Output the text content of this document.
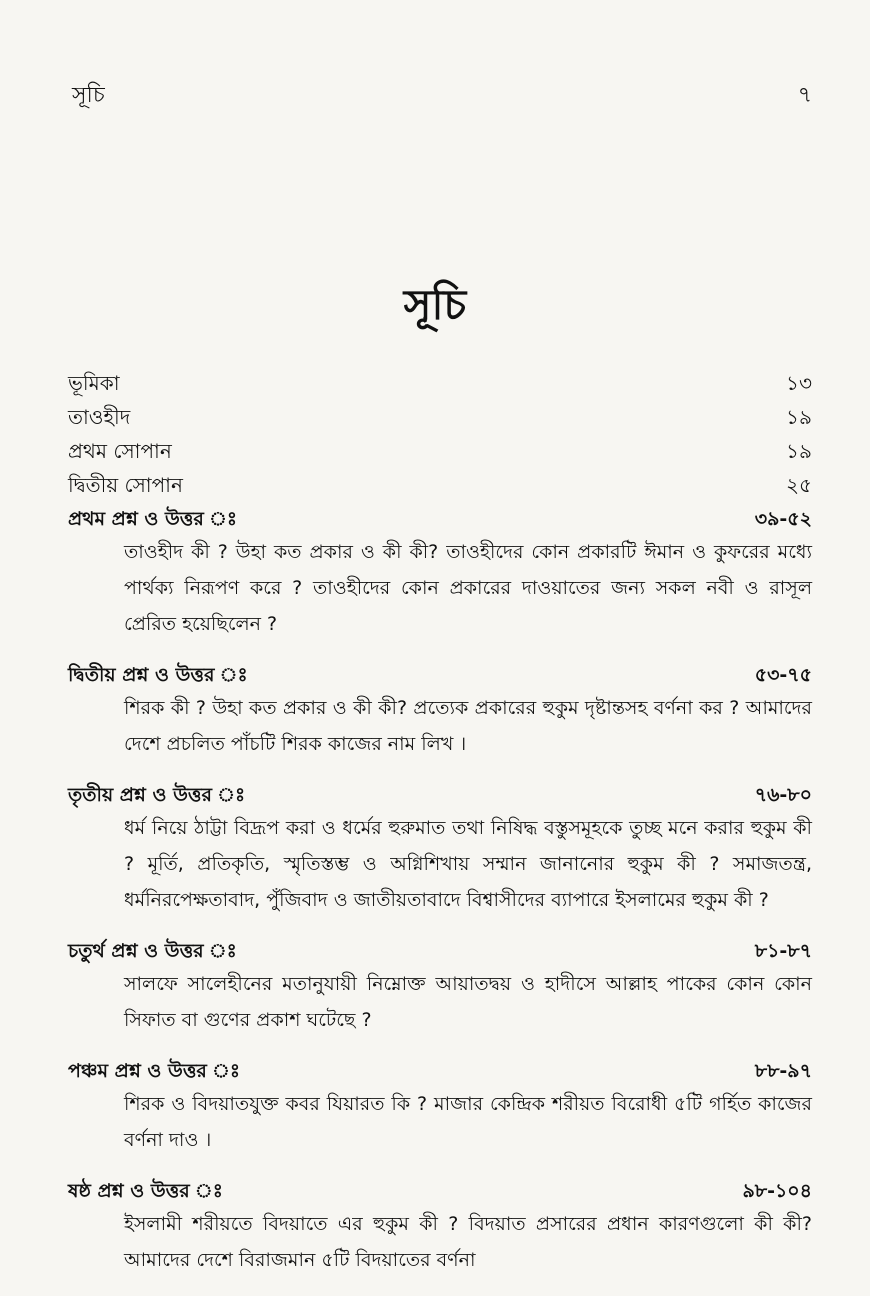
সূচি	৭
সূচি
ভূমিকা	১৩
তাওহীদ	১৯
প্রথম সোপান	১৯
দ্বিতীয় সোপান	২৫
প্রথম প্রশ্ন ও উত্তর ঃ	৩৯-৫২
তাওহীদ কী ? উহা কত প্রকার ও কী কী? তাওহীদের কোন প্রকারটি ঈমান ও কুফরের মধ্যে পার্থক্য নিরূপণ করে ? তাওহীদের কোন প্রকারের দাওয়াতের জন্য সকল নবী ও রাসূল প্রেরিত হয়েছিলেন ?
দ্বিতীয় প্রশ্ন ও উত্তর ঃ	৫৩-৭৫
শিরক কী ? উহা কত প্রকার ও কী কী? প্রত্যেক প্রকারের হুকুম দৃষ্টান্তসহ বর্ণনা কর ? আমাদের দেশে প্রচলিত পাঁচটি শিরক কাজের নাম লিখ ।
তৃতীয় প্রশ্ন ও উত্তর ঃ	৭৬-৮০
ধর্ম নিয়ে ঠাট্টা বিদ্রূপ করা ও ধর্মের হুরুমাত তথা নিষিদ্ধ বস্তুসমূহকে তুচ্ছ মনে করার হুকুম কী ? মূর্তি, প্রতিকৃতি, স্মৃতিস্তম্ভ ও অগ্নিশিখায় সম্মান জানানোর হুকুম কী ? সমাজতন্ত্র, ধর্মনিরপেক্ষতাবাদ, পুঁজিবাদ ও জাতীয়তাবাদে বিশ্বাসীদের ব্যাপারে ইসলামের হুকুম কী ?
চতুর্থ প্রশ্ন ও উত্তর ঃ	৮১-৮৭
সালফে সালেহীনের মতানুযায়ী নিম্নোক্ত আয়াতদ্বয় ও হাদীসে আল্লাহ পাকের কোন কোন সিফাত বা গুণের প্রকাশ ঘটেছে ?
পঞ্চম প্রশ্ন ও উত্তর ঃ	৮৮-৯৭
শিরক ও বিদয়াতযুক্ত কবর যিয়ারত কি ? মাজার কেন্দ্রিক শরীয়ত বিরোধী ৫টি গর্হিত কাজের বর্ণনা দাও ।
ষষ্ঠ প্রশ্ন ও উত্তর ঃ	৯৮-১০৪
ইসলামী শরীয়তে বিদয়াতে এর হুকুম কী ? বিদয়াত প্রসারের প্রধান কারণগুলো কী কী? আমাদের দেশে বিরাজমান ৫টি বিদয়াতের বর্ণনা
